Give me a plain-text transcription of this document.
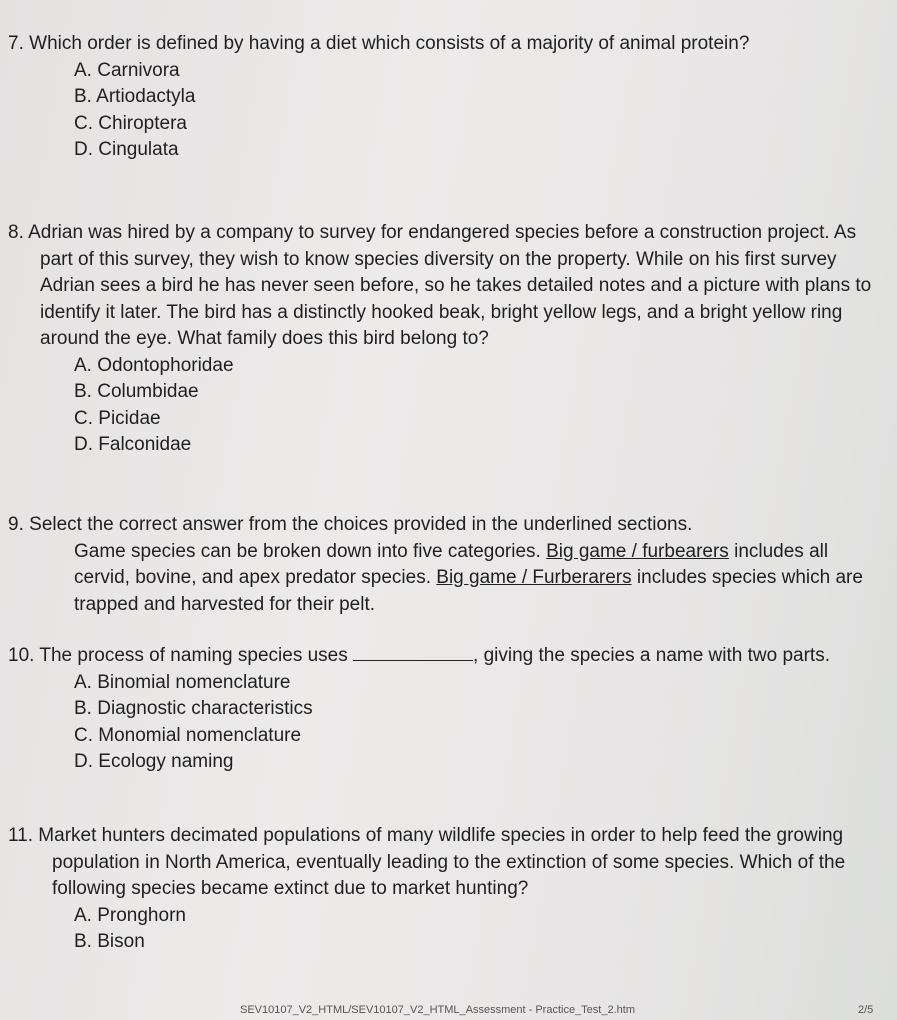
7. Which order is defined by having a diet which consists of a majority of animal protein?
A. Carnivora
B. Artiodactyla
C. Chiroptera
D. Cingulata
8. Adrian was hired by a company to survey for endangered species before a construction project. As part of this survey, they wish to know species diversity on the property. While on his first survey Adrian sees a bird he has never seen before, so he takes detailed notes and a picture with plans to identify it later. The bird has a distinctly hooked beak, bright yellow legs, and a bright yellow ring around the eye. What family does this bird belong to?
A. Odontophoridae
B. Columbidae
C. Picidae
D. Falconidae
9. Select the correct answer from the choices provided in the underlined sections.
Game species can be broken down into five categories. Big game / furbearers includes all cervid, bovine, and apex predator species. Big game / Furberarers includes species which are trapped and harvested for their pelt.
10. The process of naming species uses	, giving the species a name with two parts.
A. Binomial nomenclature
B. Diagnostic characteristics
C. Monomial nomenclature
D. Ecology naming
11. Market hunters decimated populations of many wildlife species in order to help feed the growing population in North America, eventually leading to the extinction of some species. Which of the following species became extinct due to market hunting?
A. Pronghorn
B. Bison
SEV10107_V2_HTML/SEV10107_V2_HTML_Assessment - Practice_Test_2.htm	2/5
